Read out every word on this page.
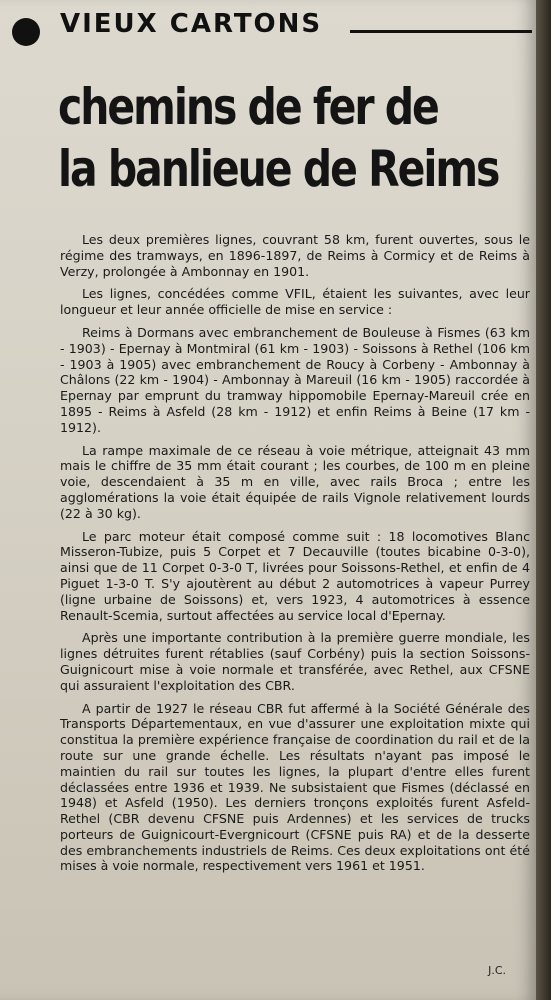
VIEUX CARTONS
chemins de fer de
la banlieue de Reims

Les deux premières lignes, couvrant 58 km, furent ouvertes, sous le régime des tramways, en 1896-1897, de Reims à Cormicy et de Reims à Verzy, prolongée à Ambonnay en 1901.

Les lignes, concédées comme VFIL, étaient les suivantes, avec leur longueur et leur année officielle de mise en service :

Reims à Dormans avec embranchement de Bouleuse à Fismes (63 km - 1903) - Epernay à Montmiral (61 km - 1903) - Soissons à Rethel (106 km - 1903 à 1905) avec embranchement de Roucy à Corbeny - Ambonnay à Châlons (22 km - 1904) - Ambonnay à Mareuil (16 km - 1905) raccordée à Epernay par emprunt du tramway hippomobile Epernay-Mareuil crée en 1895 - Reims à Asfeld (28 km - 1912) et enfin Reims à Beine (17 km - 1912).

La rampe maximale de ce réseau à voie métrique, atteignait 43 mm mais le chiffre de 35 mm était courant ; les courbes, de 100 m en pleine voie, descendaient à 35 m en ville, avec rails Broca ; entre les agglomérations la voie était équipée de rails Vignole relativement lourds (22 à 30 kg).

Le parc moteur était composé comme suit : 18 locomotives Blanc Misseron-Tubize, puis 5 Corpet et 7 Decauville (toutes bicabine 0-3-0), ainsi que de 11 Corpet 0-3-0 T, livrées pour Soissons-Rethel, et enfin de 4 Piguet 1-3-0 T. S'y ajoutèrent au début 2 automotrices à vapeur Purrey (ligne urbaine de Soissons) et, vers 1923, 4 automotrices à essence Renault-Scemia, surtout affectées au service local d'Epernay.

Après une importante contribution à la première guerre mondiale, les lignes détruites furent rétablies (sauf Corbény) puis la section Soissons-Guignicourt mise à voie normale et transférée, avec Rethel, aux CFSNE qui assuraient l'exploitation des CBR.

A partir de 1927 le réseau CBR fut affermé à la Société Générale des Transports Départementaux, en vue d'assurer une exploitation mixte qui constitua la première expérience française de coordination du rail et de la route sur une grande échelle. Les résultats n'ayant pas imposé le maintien du rail sur toutes les lignes, la plupart d'entre elles furent déclassées entre 1936 et 1939. Ne subsistaient que Fismes (déclassé en 1948) et Asfeld (1950). Les derniers tronçons exploités furent Asfeld-Rethel (CBR devenu CFSNE puis Ardennes) et les services de trucks porteurs de Guignicourt-Evergnicourt (CFSNE puis RA) et de la desserte des embranchements industriels de Reims. Ces deux exploitations ont été mises à voie normale, respectivement vers 1961 et 1951.

J.C.
